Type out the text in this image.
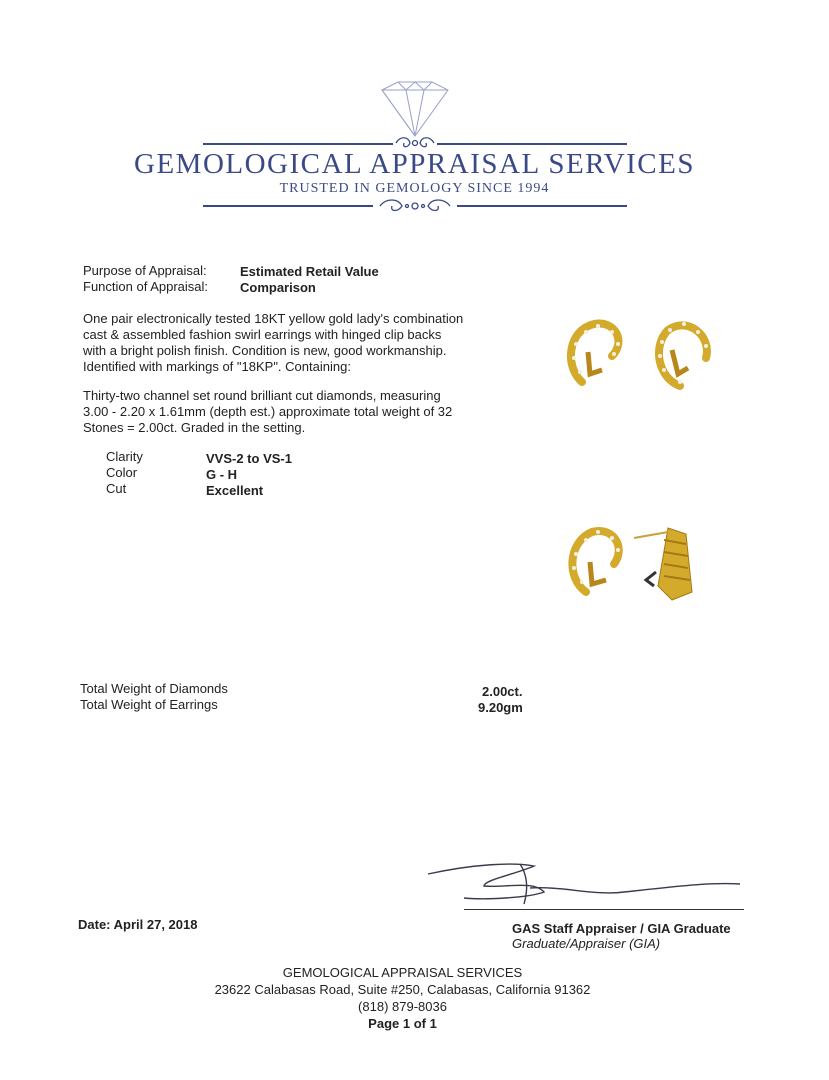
GEMOLOGICAL APPRAISAL SERVICES
TRUSTED IN GEMOLOGY SINCE 1994
Purpose of Appraisal:	Estimated Retail Value
Function of Appraisal: Comparison
One pair electronically tested 18KT yellow gold lady's combination
cast & assembled fashion swirl earrings with hinged clip backs
with a bright polish finish. Condition is new, good workmanship.
Identified with markings of "18KP". Containing:
Thirty-two channel set round brilliant cut diamonds, measuring
3.00 - 2.20 x 1.61mm (depth est.) approximate total weight of 32
Stones = 2.00ct. Graded in the setting.
Clarity	VVS-2 to VS-1
Color	G - H
Cut	Excellent
Total Weight of Diamonds	2.00ct.
Total Weight of Earrings	9.20gm
Date: April 27, 2018	GAS Staff Appraiser / GIA Graduate
Graduate/Appraiser (GIA)
GEMOLOGICAL APPRAISAL SERVICES
23622 Calabasas Road, Suite #250, Calabasas, California 91362
(818) 879-8036
Page 1 of 1
